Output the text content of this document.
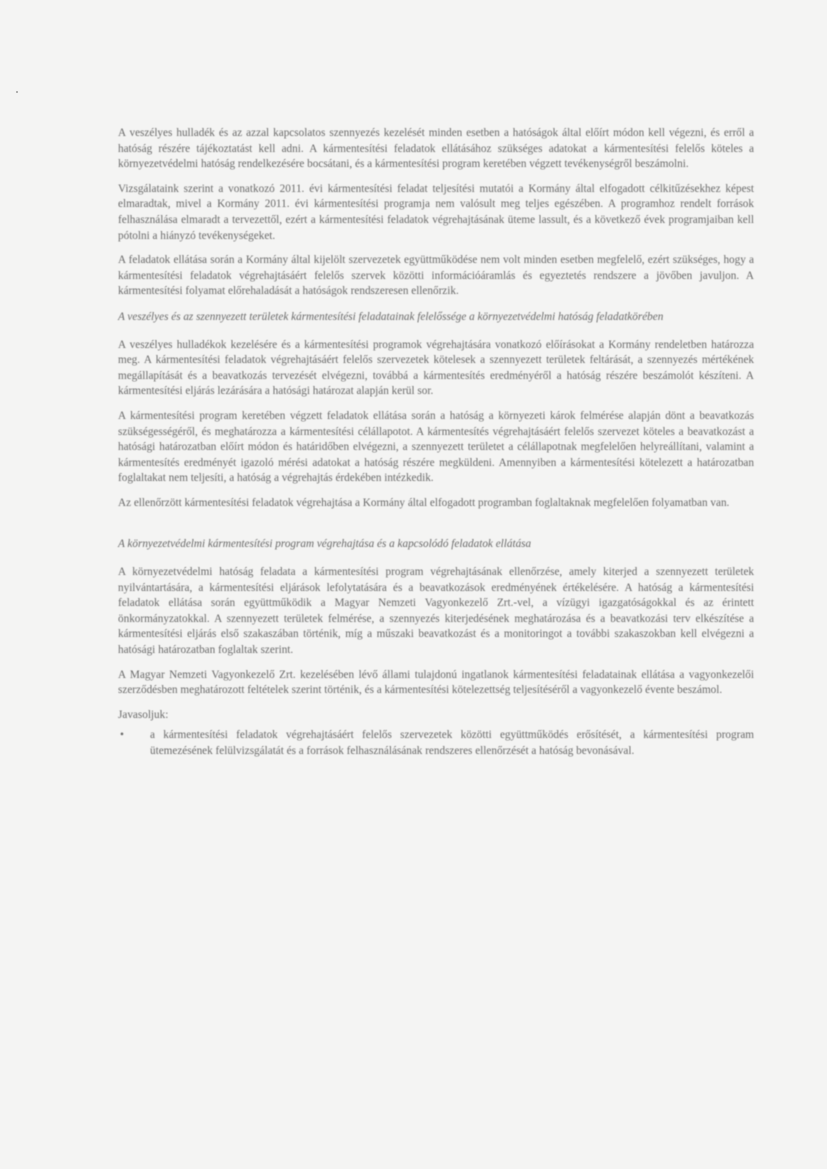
A veszélyes hulladék és az azzal kapcsolatos szennyezés kezelését minden esetben a hatóságok által előírt módon kell végezni, és erről a hatóság részére tájékoztatást kell adni. A kármentesítési feladatok ellátásához szükséges adatokat a kármentesítési felelős köteles a környezetvédelmi hatóság rendelkezésére bocsátani, és a kármentesítési program keretében végzett tevékenységről beszámolni.

Vizsgálataink szerint a vonatkozó 2011. évi kármentesítési feladat teljesítési mutatói a Kormány által elfogadott célkitűzésekhez képest elmaradtak, mivel a Kormány 2011. évi kármentesítési programja nem valósult meg teljes egészében. A programhoz rendelt források felhasználása elmaradt a tervezettől, ezért a kármentesítési feladatok végrehajtásának üteme lassult, és a következő évek programjaiban kell pótolni a hiányzó tevékenységeket.

A feladatok ellátása során a Kormány által kijelölt szervezetek együttműködése nem volt minden esetben megfelelő, ezért szükséges, hogy a kármentesítési feladatok végrehajtásáért felelős szervek közötti információáramlás és egyeztetés rendszere a jövőben javuljon. A kármentesítési folyamat előrehaladását a hatóságok rendszeresen ellenőrzik.

A veszélyes és az szennyezett területek kármentesítési feladatainak felelőssége a környezetvédelmi hatóság feladatkörében

A veszélyes hulladékok kezelésére és a kármentesítési programok végrehajtására vonatkozó előírásokat a Kormány rendeletben határozza meg. A kármentesítési feladatok végrehajtásáért felelős szervezetek kötelesek a szennyezett területek feltárását, a szennyezés mértékének megállapítását és a beavatkozás tervezését elvégezni, továbbá a kármentesítés eredményéről a hatóság részére beszámolót készíteni. A kármentesítési eljárás lezárására a hatósági határozat alapján kerül sor.

A kármentesítési program keretében végzett feladatok ellátása során a hatóság a környezeti károk felmérése alapján dönt a beavatkozás szükségességéről, és meghatározza a kármentesítési célállapotot. A kármentesítés végrehajtásáért felelős szervezet köteles a beavatkozást a hatósági határozatban előírt módon és határidőben elvégezni, a szennyezett területet a célállapotnak megfelelően helyreállítani, valamint a kármentesítés eredményét igazoló mérési adatokat a hatóság részére megküldeni. Amennyiben a kármentesítési kötelezett a határozatban foglaltakat nem teljesíti, a hatóság a végrehajtás érdekében intézkedik.

Az ellenőrzött kármentesítési feladatok végrehajtása a Kormány által elfogadott programban foglaltaknak megfelelően folyamatban van.

A környezetvédelmi kármentesítési program végrehajtása és a kapcsolódó feladatok ellátása

A környezetvédelmi hatóság feladata a kármentesítési program végrehajtásának ellenőrzése, amely kiterjed a szennyezett területek nyilvántartására, a kármentesítési eljárások lefolytatására és a beavatkozások eredményének értékelésére. A hatóság a kármentesítési feladatok ellátása során együttműködik a Magyar Nemzeti Vagyonkezelő Zrt.-vel, a vízügyi igazgatóságokkal és az érintett önkormányzatokkal. A szennyezett területek felmérése, a szennyezés kiterjedésének meghatározása és a beavatkozási terv elkészítése a kármentesítési eljárás első szakaszában történik, míg a műszaki beavatkozást és a monitoringot a további szakaszokban kell elvégezni a hatósági határozatban foglaltak szerint.

A Magyar Nemzeti Vagyonkezelő Zrt. kezelésében lévő állami tulajdonú ingatlanok kármentesítési feladatainak ellátása a vagyonkezelői szerződésben meghatározott feltételek szerint történik, és a kármentesítési kötelezettség teljesítéséről a vagyonkezelő évente beszámol.

Javasoljuk:

• a kármentesítési feladatok végrehajtásáért felelős szervezetek közötti együttműködés erősítését, a kármentesítési program ütemezésének felülvizsgálatát és a források felhasználásának rendszeres ellenőrzését a hatóság bevonásával.
